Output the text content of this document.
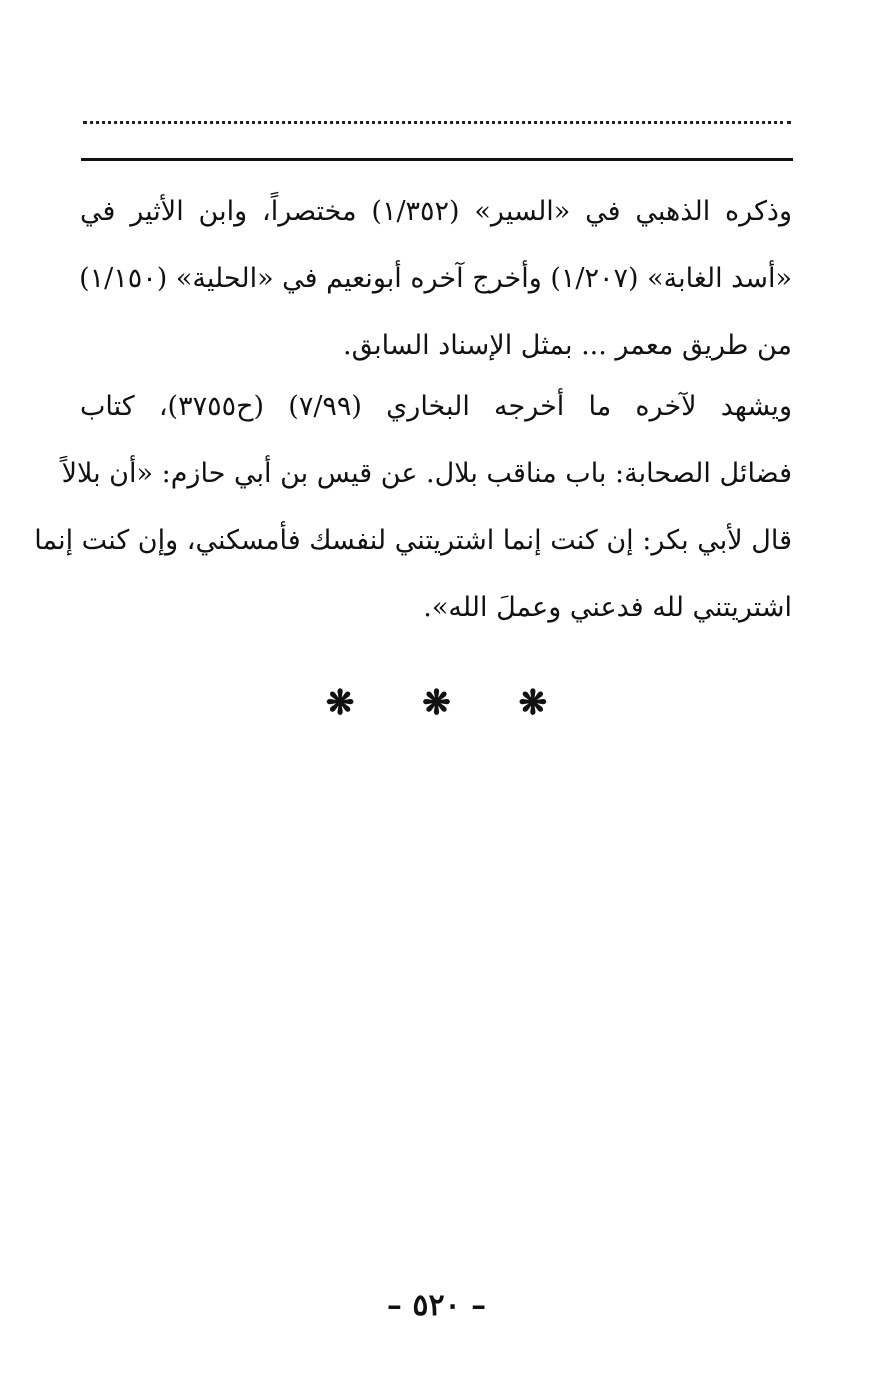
وذكره الذهبي في «السير» (١/٣٥٢) مختصراً، وابن الأثير في
«أسد الغابة» (١/٢٠٧) وأخرج آخره أبونعيم في «الحلية» (١/١٥٠)
من طريق معمر ... بمثل الإسناد السابق.
ويشهد لآخره ما أخرجه البخاري (٧/٩٩) (ح٣٧٥٥)، كتاب
فضائل الصحابة: باب مناقب بلال. عن قيس بن أبي حازم: «أن بلالاً
قال لأبي بكر: إن كنت إنما اشتريتني لنفسك فأمسكني، وإن كنت إنما
اشتريتني لله فدعني وعملَ الله».
❋ ❋ ❋
– ٥٢٠ –
